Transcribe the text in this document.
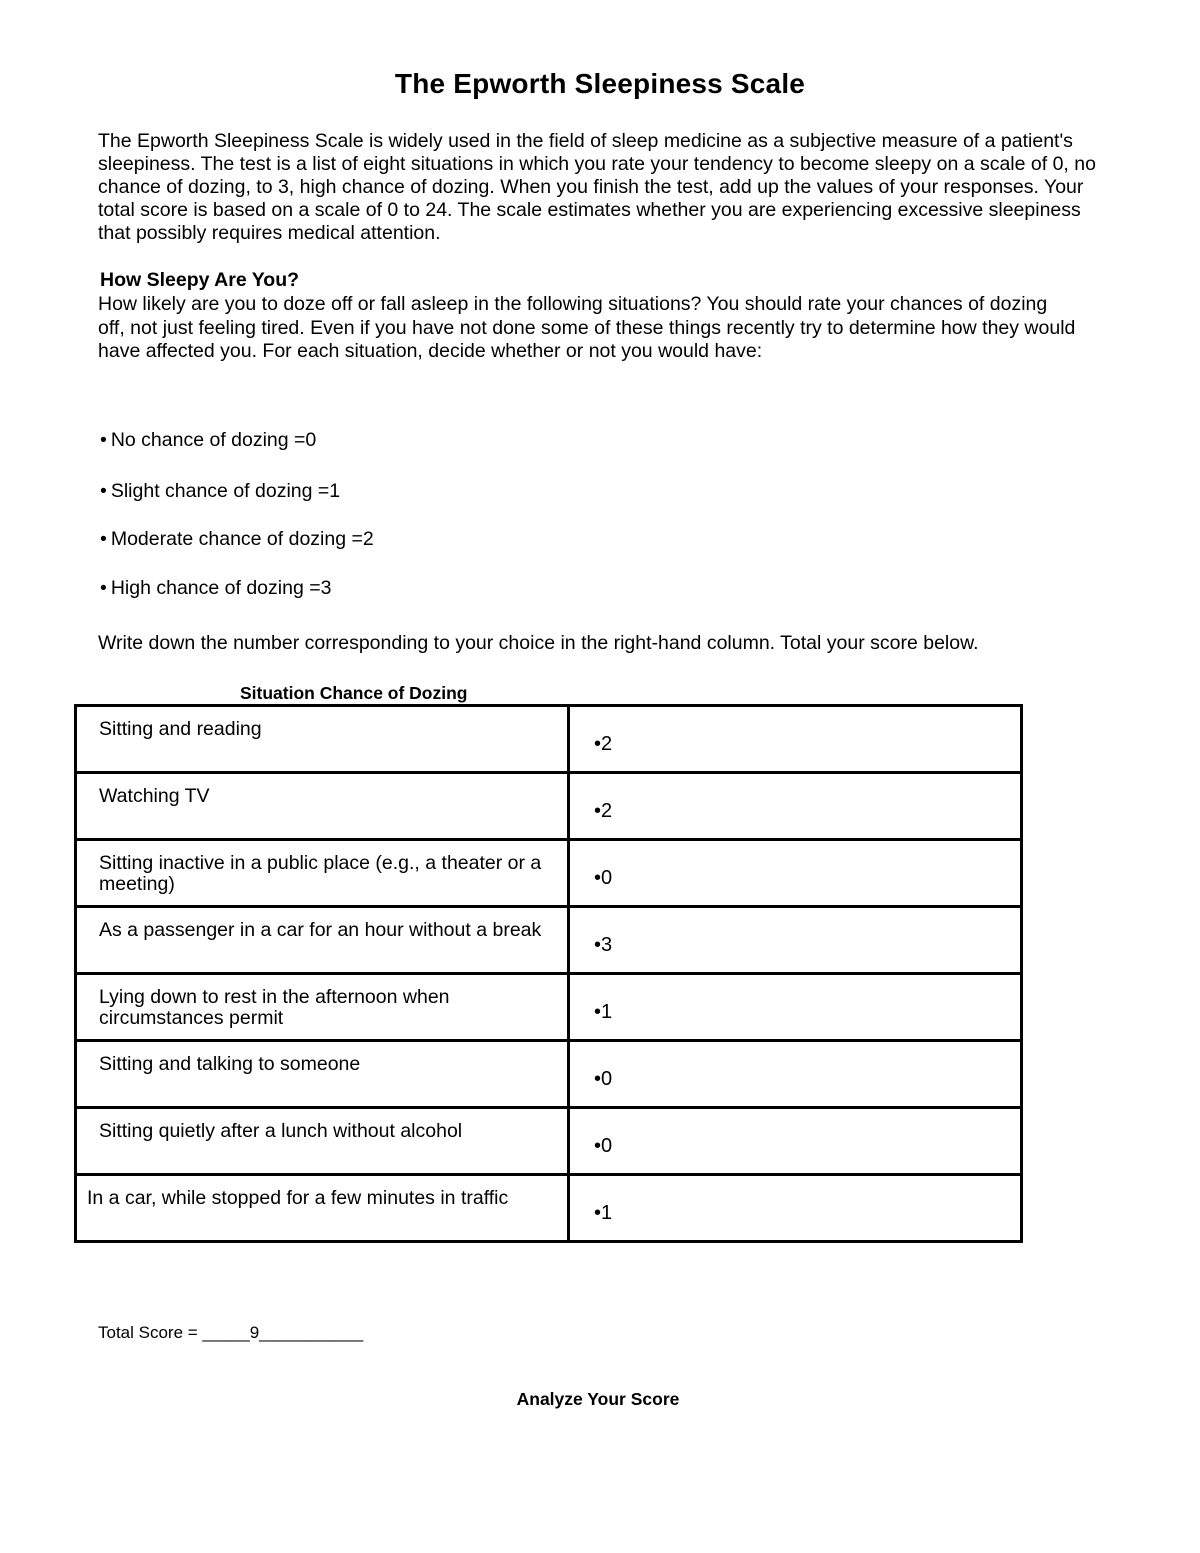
The Epworth Sleepiness Scale

The Epworth Sleepiness Scale is widely used in the field of sleep medicine as a subjective measure of a patient's sleepiness. The test is a list of eight situations in which you rate your tendency to become sleepy on a scale of 0, no chance of dozing, to 3, high chance of dozing. When you finish the test, add up the values of your responses. Your total score is based on a scale of 0 to 24. The scale estimates whether you are experiencing excessive sleepiness that possibly requires medical attention.

How Sleepy Are You?

How likely are you to doze off or fall asleep in the following situations? You should rate your chances of dozing off, not just feeling tired. Even if you have not done some of these things recently try to determine how they would have affected you. For each situation, decide whether or not you would have:

• No chance of dozing =0
• Slight chance of dozing =1
• Moderate chance of dozing =2
• High chance of dozing =3
Write down the number corresponding to your choice in the right-hand column. Total your score below.
Situation Chance of Dozing
Sitting and reading	•2

Watching TV	•2

Sitting inactive in a public place (e.g., a theater or a meeting)	•0

As a passenger in a car for an hour without a break	•3

Lying down to rest in the afternoon when circumstances permit	•1

Sitting and talking to someone	•0

Sitting quietly after a lunch without alcohol	•0

In a car, while stopped for a few minutes in traffic	•1
Total Score = _____9___________
Analyze Your Score
